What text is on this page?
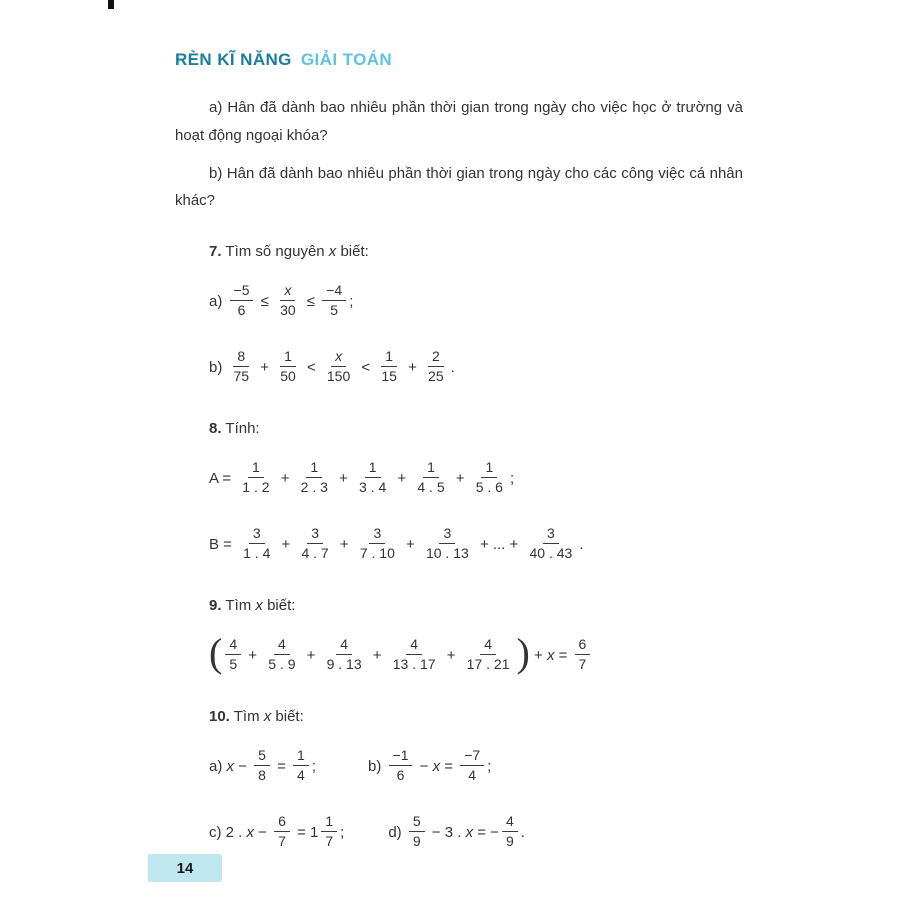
RÈN KĨ NĂNG GIẢI TOÁN

a) Hân đã dành bao nhiêu phần thời gian trong ngày cho việc học ở trường và hoạt động ngoại khóa?

b) Hân đã dành bao nhiêu phần thời gian trong ngày cho các công việc cá nhân khác?

7. Tìm số nguyên x biết:
$a) \frac{-5}{6} \le \frac{x}{30} \le \frac{-4}{5}$ ;
$b) \frac{8}{75} + \frac{1}{50} < \frac{x}{150} < \frac{1}{15} + \frac{2}{25}$ .
8. Tính:
$A = \frac{1}{1 . 2} + \frac{1}{2 . 3} + \frac{1}{3 . 4} + \frac{1}{4 . 5} + \frac{1}{5 . 6}$ ;
$B = \frac{3}{1 . 4} + \frac{3}{4 . 7} + \frac{3}{7 . 10} + \frac{3}{10 . 13}$ + ... + $\frac{3}{40 . 43}$ .
9. Tìm x biết:
( $\frac{4}{5} + \frac{4}{5 . 9} + \frac{4}{9 . 13} + \frac{4}{13 . 17} + \frac{4}{17 . 21}$ ) + $x = \frac{6}{7}$
10. Tìm x biết:
a) $x - \frac{5}{8} = \frac{1}{4}$ ;	$b) \frac{-1}{6} - x = \frac{-7}{4}$ ;
c) 2 . $x - \frac{6}{7} = 1 \frac{1}{7}$ ;	$d) \frac{5}{9} - 3$ . x = − $\frac{4}{9}$ .
14
